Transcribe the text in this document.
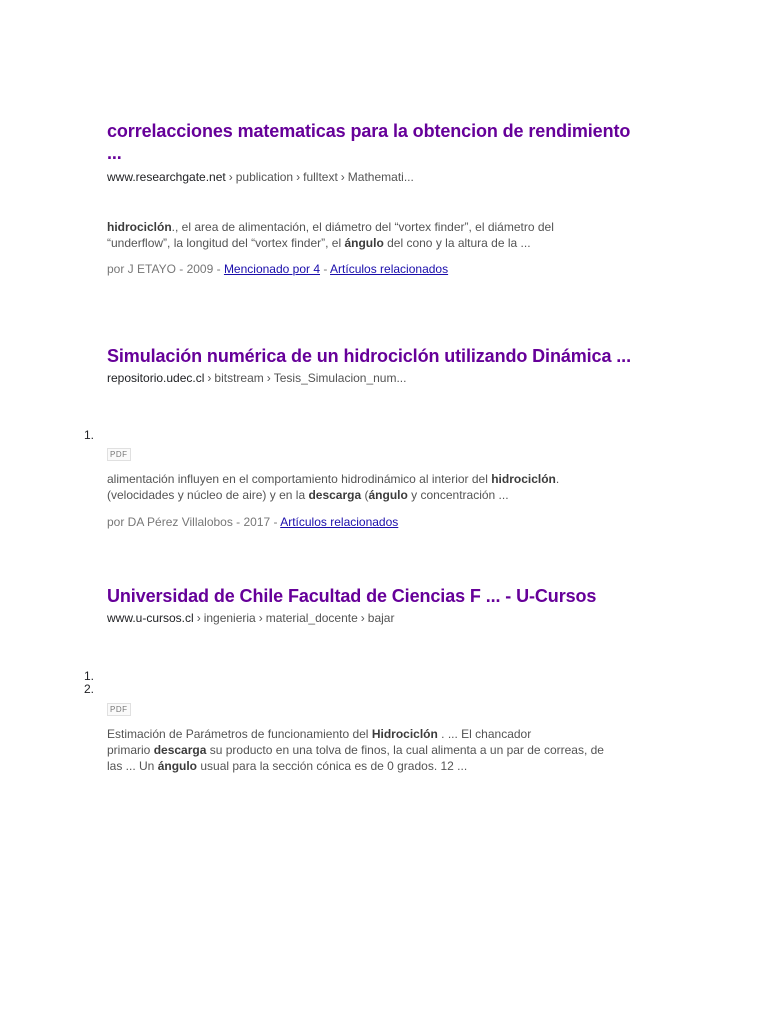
correlacciones matematicas para la obtencion de rendimiento
...
www.researchgate.net › publication › fulltext › Mathemati...
hidrociclón., el area de alimentación, el diámetro del “vortex finder”, el diámetro del
“underflow”, la longitud del “vortex finder”, el ángulo del cono y la altura de la ...
por J ETAYO - 2009 - Mencionado por 4 - Artículos relacionados
Simulación numérica de un hidrociclón utilizando Dinámica ...
repositorio.udec.cl › bitstream › Tesis_Simulacion_num...
1.
PDF
alimentación influyen en el comportamiento hidrodinámico al interior del hidrociclón.
(velocidades y núcleo de aire) y en la descarga (ángulo y concentración ...
por DA Pérez Villalobos - 2017 - Artículos relacionados
Universidad de Chile Facultad de Ciencias F ... - U-Cursos
www.u-cursos.cl › ingenieria › material_docente › bajar
1.
2.
PDF
Estimación de Parámetros de funcionamiento del Hidrociclón . ... El chancador
primario descarga su producto en una tolva de finos, la cual alimenta a un par de correas, de
las ... Un ángulo usual para la sección cónica es de 0 grados. 12 ...
